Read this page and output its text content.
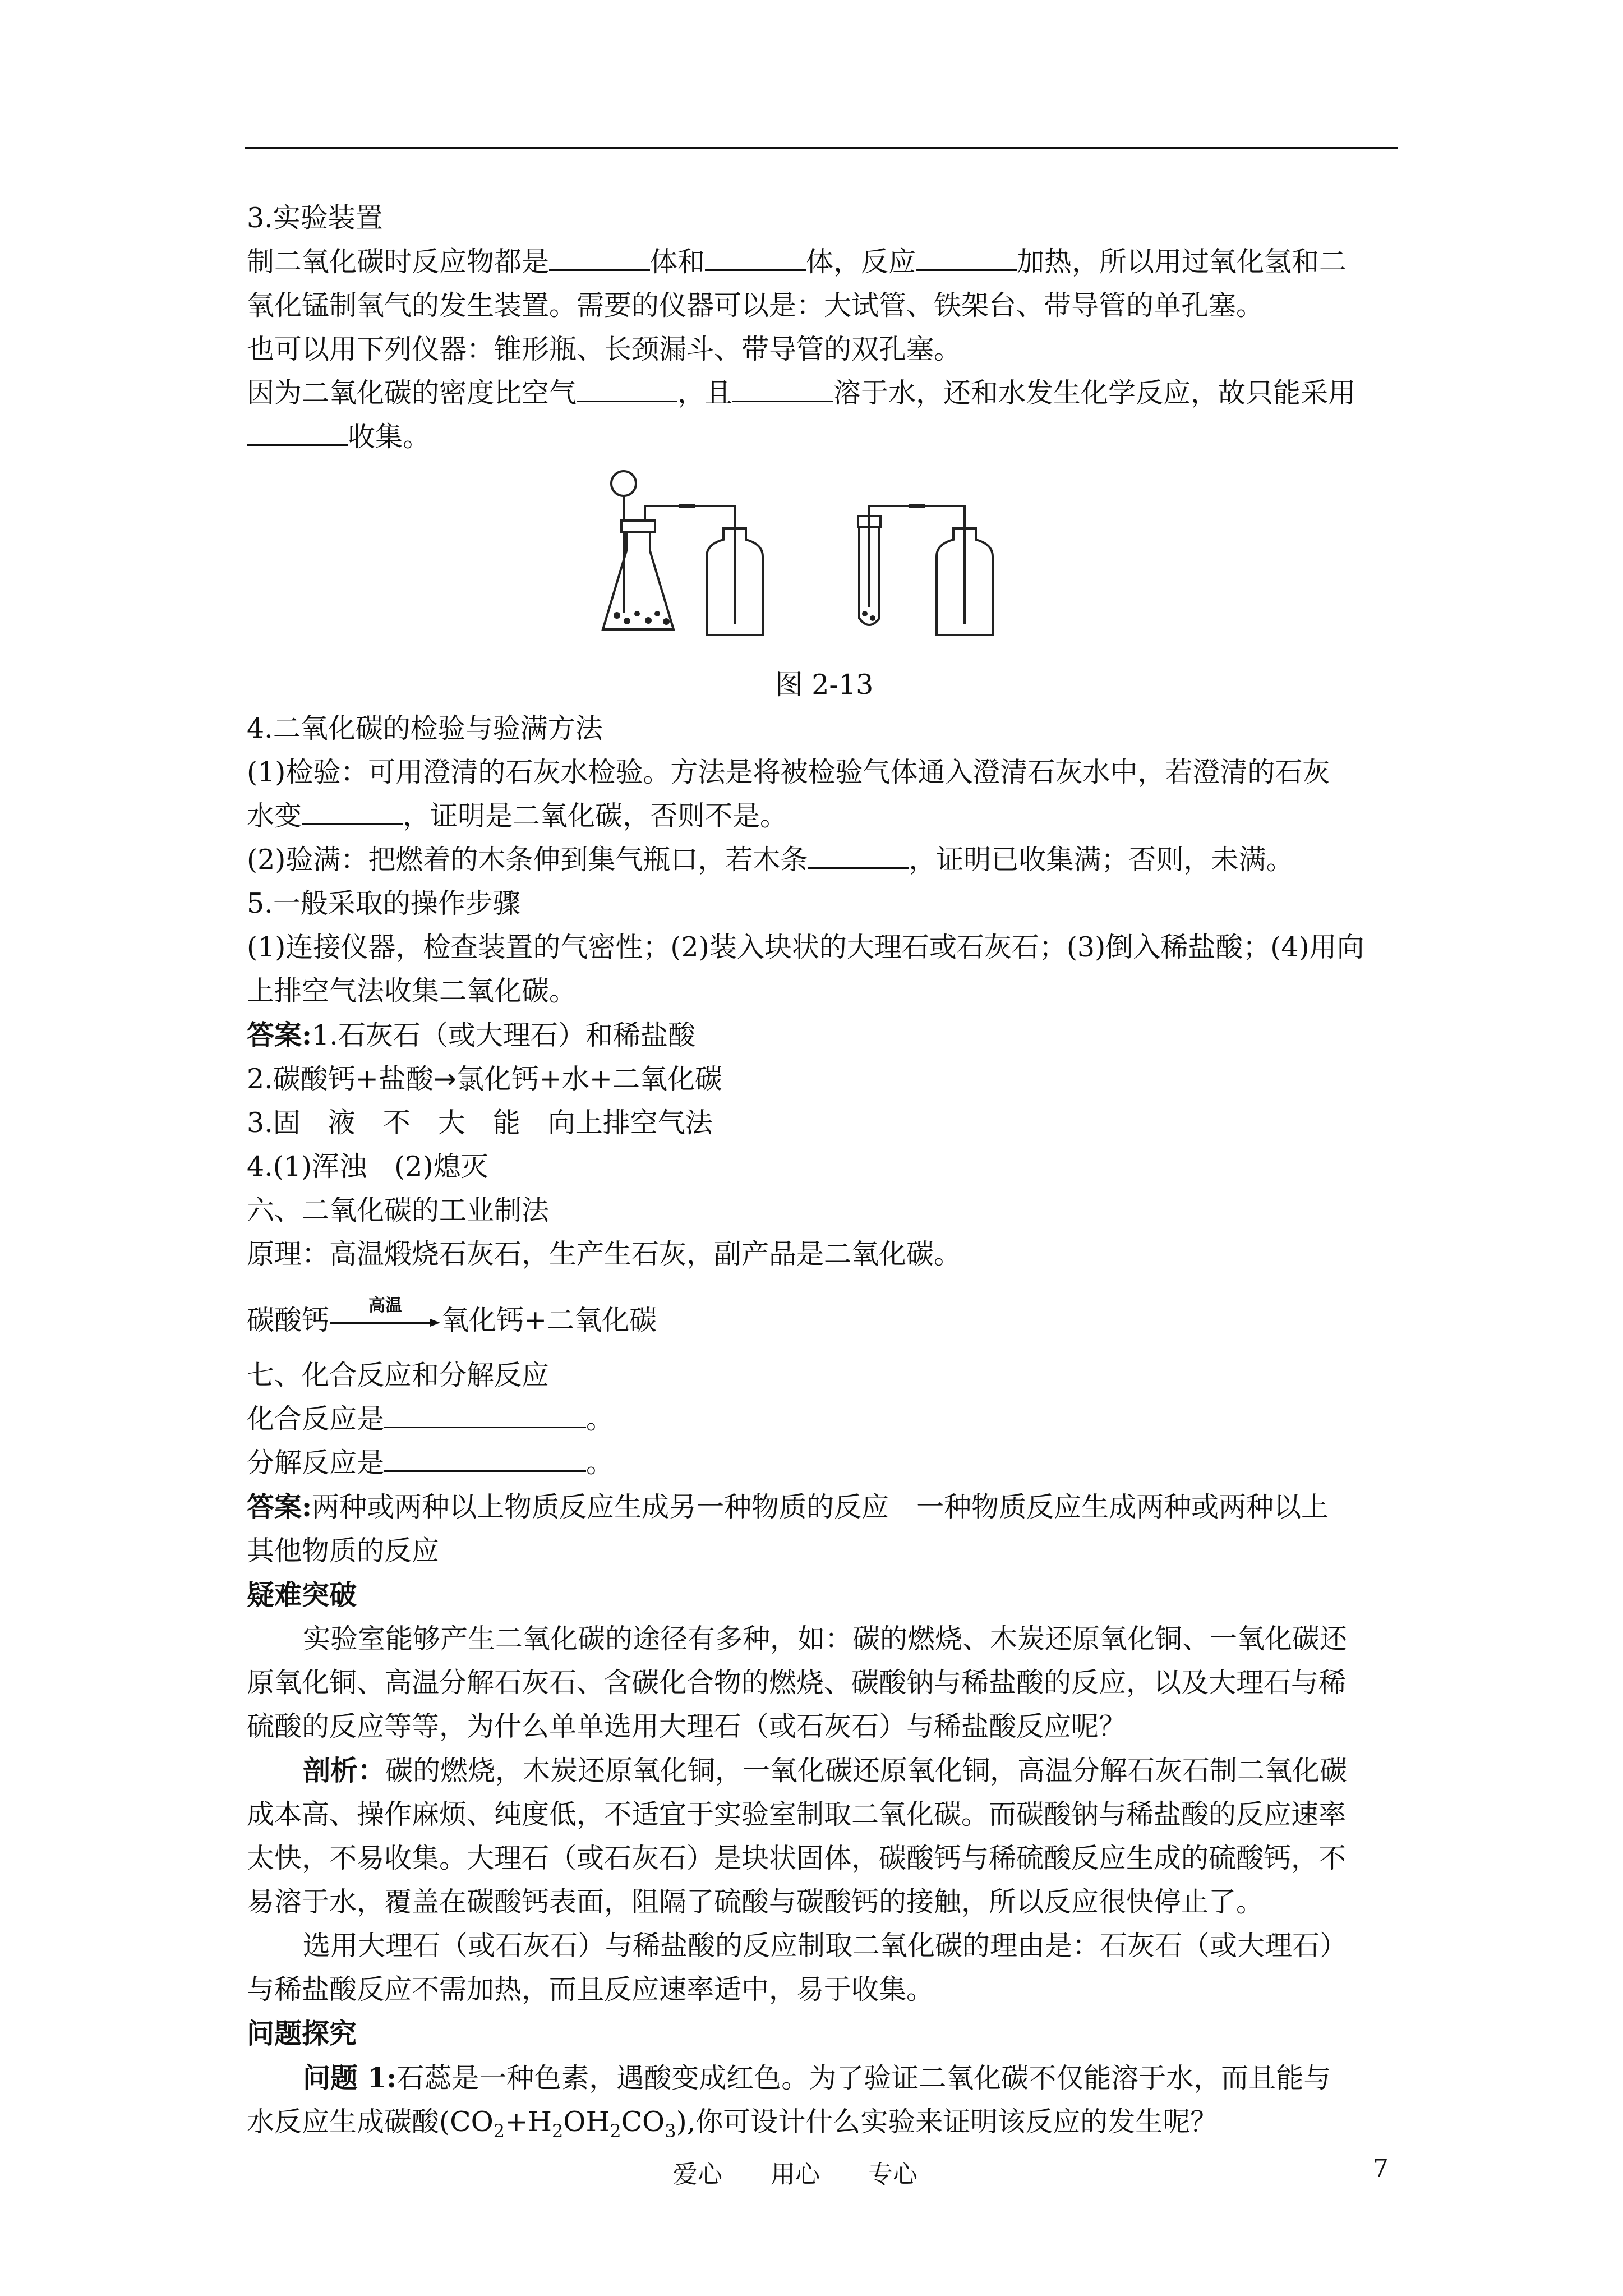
3.实验装置
制二氧化碳时反应物都是	体和	体，反应	加热，所以用过氧化氢和二
氧化锰制氧气的发生装置。需要的仪器可以是：大试管、铁架台、带导管的单孔塞。
也可以用下列仪器：锥形瓶、长颈漏斗、带导管的双孔塞。
因为二氧化碳的密度比空气	，且	溶于水，还和水发生化学反应，故只能采用
收集。
图 2-13
4.二氧化碳的检验与验满方法
(1)检验：可用澄清的石灰水检验。方法是将被检验气体通入澄清石灰水中，若澄清的石灰
水变	，证明是二氧化碳，否则不是。
(2)验满：把燃着的木条伸到集气瓶口，若木条	，证明已收集满；否则，未满。
5.一般采取的操作步骤
(1)连接仪器，检查装置的气密性；(2)装入块状的大理石或石灰石；(3)倒入稀盐酸；(4)用向
上排空气法收集二氧化碳。
答案:1.石灰石（或大理石）和稀盐酸
2.碳酸钙+盐酸→氯化钙+水+二氧化碳
3.固　液　不　大　能　向上排空气法
4.(1)浑浊　(2)熄灭
六、二氧化碳的工业制法
原理：高温煅烧石灰石，生产生石灰，副产品是二氧化碳。
碳酸钙	高温	氧化钙+二氧化碳
七、化合反应和分解反应
化合反应是	。
分解反应是	。
答案:两种或两种以上物质反应生成另一种物质的反应　一种物质反应生成两种或两种以上
其他物质的反应
疑难突破
实验室能够产生二氧化碳的途径有多种，如：碳的燃烧、木炭还原氧化铜、一氧化碳还
原氧化铜、高温分解石灰石、含碳化合物的燃烧、碳酸钠与稀盐酸的反应，以及大理石与稀
硫酸的反应等等，为什么单单选用大理石（或石灰石）与稀盐酸反应呢？
剖析：碳的燃烧，木炭还原氧化铜，一氧化碳还原氧化铜，高温分解石灰石制二氧化碳
成本高、操作麻烦、纯度低，不适宜于实验室制取二氧化碳。而碳酸钠与稀盐酸的反应速率
太快，不易收集。大理石（或石灰石）是块状固体，碳酸钙与稀硫酸反应生成的硫酸钙，不
易溶于水，覆盖在碳酸钙表面，阻隔了硫酸与碳酸钙的接触，所以反应很快停止了。
选用大理石（或石灰石）与稀盐酸的反应制取二氧化碳的理由是：石灰石（或大理石）
与稀盐酸反应不需加热，而且反应速率适中，易于收集。
问题探究
问题 1:石蕊是一种色素，遇酸变成红色。为了验证二氧化碳不仅能溶于水，而且能与
水反应生成碳酸$(CO_2+H_2OH_2CO_3)$,你可设计什么实验来证明该反应的发生呢？
爱心 用心 专心	7
